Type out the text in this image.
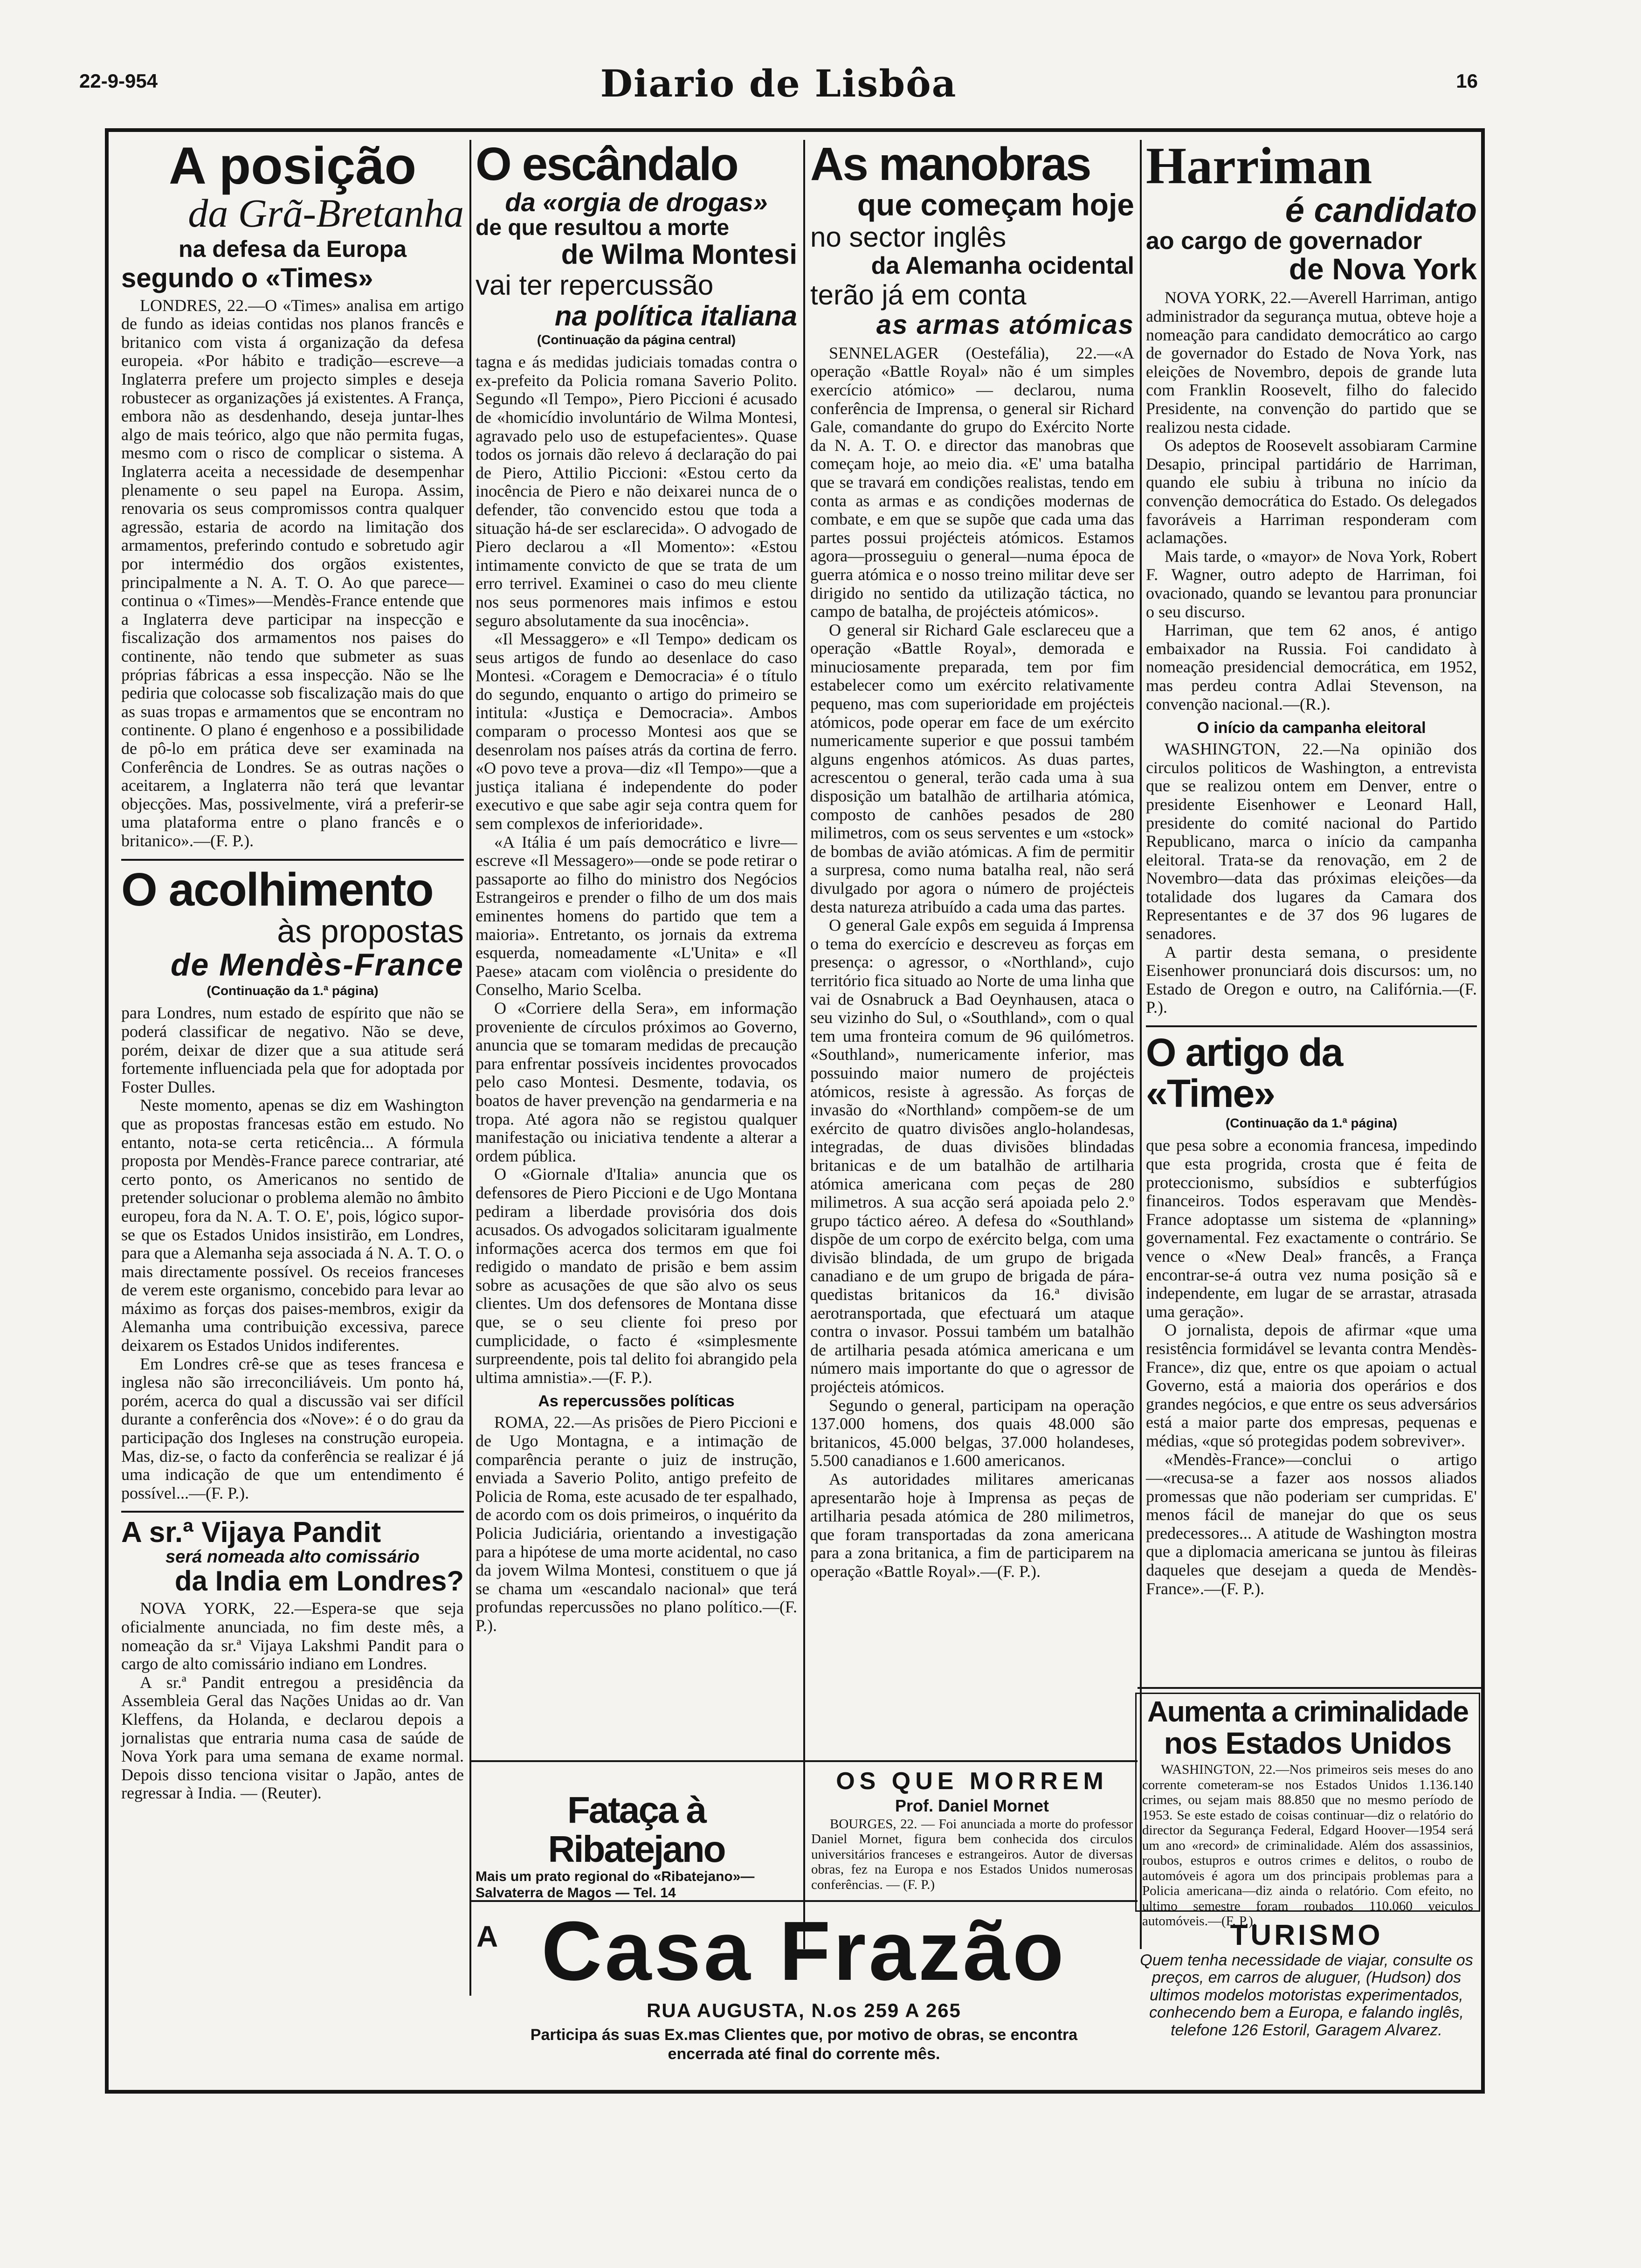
22-9-954	Diario de Lisbôa	16
A posição
da Grã-Bretanha
na defesa da Europa
segundo o «Times»

LONDRES, 22.—O «Times» analisa em artigo de fundo as ideias contidas nos planos francês e britanico com vista á organização da defesa europeia. «Por hábito e tradição—escreve—a Inglaterra prefere um projecto simples e deseja robustecer as organizações já existentes. A França, embora não as desdenhando, deseja juntar-lhes algo de mais teórico, algo que não permita fugas, mesmo com o risco de complicar o sistema. A Inglaterra aceita a necessidade de desempenhar plenamente o seu papel na Europa. Assim, renovaria os seus compromissos contra qualquer agressão, estaria de acordo na limitação dos armamentos, preferindo contudo e sobretudo agir por intermédio dos orgãos existentes, principalmente a N. A. T. O. Ao que parece—continua o «Times»—Mendès-France entende que a Inglaterra deve participar na inspecção e fiscalização dos armamentos nos paises do continente, não tendo que submeter as suas próprias fábricas a essa inspecção. Não se lhe pediria que colocasse sob fiscalização mais do que as suas tropas e armamentos que se encontram no continente. O plano é engenhoso e a possibilidade de pô-lo em prática deve ser examinada na Conferência de Londres. Se as outras nações o aceitarem, a Inglaterra não terá que levantar objecções. Mas, possivelmente, virá a preferir-se uma plataforma entre o plano francês e o britanico».—(F. P.).

O acolhimento
às propostas
de Mendès-France
(Continuação da 1.ª página)

para Londres, num estado de espírito que não se poderá classificar de negativo. Não se deve, porém, deixar de dizer que a sua atitude será fortemente influenciada pela que for adoptada por Foster Dulles.

Neste momento, apenas se diz em Washington que as propostas francesas estão em estudo. No entanto, nota-se certa reticência... A fórmula proposta por Mendès-France parece contrariar, até certo ponto, os Americanos no sentido de pretender solucionar o problema alemão no âmbito europeu, fora da N. A. T. O. E', pois, lógico supor-se que os Estados Unidos insistirão, em Londres, para que a Alemanha seja associada á N. A. T. O. o mais directamente possível. Os receios franceses de verem este organismo, concebido para levar ao máximo as forças dos paises-membros, exigir da Alemanha uma contribuição excessiva, parece deixarem os Estados Unidos indiferentes.

Em Londres crê-se que as teses francesa e inglesa não são irreconciliáveis. Um ponto há, porém, acerca do qual a discussão vai ser difícil durante a conferência dos «Nove»: é o do grau da participação dos Ingleses na construção europeia. Mas, diz-se, o facto da conferência se realizar é já uma indicação de que um entendimento é possível...—(F. P.).

A sr.ª Vijaya Pandit
será nomeada alto comissário
da India em Londres?

NOVA YORK, 22.—Espera-se que seja oficialmente anunciada, no fim deste mês, a nomeação da sr.ª Vijaya Lakshmi Pandit para o cargo de alto comissário indiano em Londres.

A sr.ª Pandit entregou a presidência da Assembleia Geral das Nações Unidas ao dr. Van Kleffens, da Holanda, e declarou depois a jornalistas que entraria numa casa de saúde de Nova York para uma semana de exame normal. Depois disso tenciona visitar o Japão, antes de regressar à India. — (Reuter).

O escândalo
da «orgia de drogas»
de que resultou a morte
de Wilma Montesi
vai ter repercussão
na política italiana
(Continuação da página central)

tagna e ás medidas judiciais tomadas contra o ex-prefeito da Policia romana Saverio Polito. Segundo «Il Tempo», Piero Piccioni é acusado de «homicídio involuntário de Wilma Montesi, agravado pelo uso de estupefacientes». Quase todos os jornais dão relevo á declaração do pai de Piero, Attilio Piccioni: «Estou certo da inocência de Piero e não deixarei nunca de o defender, tão convencido estou que toda a situação há-de ser esclarecida». O advogado de Piero declarou a «Il Momento»: «Estou intimamente convicto de que se trata de um erro terrivel. Examinei o caso do meu cliente nos seus pormenores mais infimos e estou seguro absolutamente da sua inocência».

«Il Messaggero» e «Il Tempo» dedicam os seus artigos de fundo ao desenlace do caso Montesi. «Coragem e Democracia» é o título do segundo, enquanto o artigo do primeiro se intitula: «Justiça e Democracia». Ambos comparam o processo Montesi aos que se desenrolam nos países atrás da cortina de ferro. «O povo teve a prova—diz «Il Tempo»—que a justiça italiana é independente do poder executivo e que sabe agir seja contra quem for sem complexos de inferioridade».

«A Itália é um país democrático e livre—escreve «Il Messagero»—onde se pode retirar o passaporte ao filho do ministro dos Negócios Estrangeiros e prender o filho de um dos mais eminentes homens do partido que tem a maioria». Entretanto, os jornais da extrema esquerda, nomeadamente «L'Unita» e «Il Paese» atacam com violência o presidente do Conselho, Mario Scelba.

O «Corriere della Sera», em informação proveniente de círculos próximos ao Governo, anuncia que se tomaram medidas de precaução para enfrentar possíveis incidentes provocados pelo caso Montesi. Desmente, todavia, os boatos de haver prevenção na gendarmeria e na tropa. Até agora não se registou qualquer manifestação ou iniciativa tendente a alterar a ordem pública.

O «Giornale d'Italia» anuncia que os defensores de Piero Piccioni e de Ugo Montana pediram a liberdade provisória dos dois acusados. Os advogados solicitaram igualmente informações acerca dos termos em que foi redigido o mandato de prisão e bem assim sobre as acusações de que são alvo os seus clientes. Um dos defensores de Montana disse que, se o seu cliente foi preso por cumplicidade, o facto é «simplesmente surpreendente, pois tal delito foi abrangido pela ultima amnistia».—(F. P.).

As repercussões políticas

ROMA, 22.—As prisões de Piero Piccioni e de Ugo Montagna, e a intimação de comparência perante o juiz de instrução, enviada a Saverio Polito, antigo prefeito de Policia de Roma, este acusado de ter espalhado, de acordo com os dois primeiros, o inquérito da Policia Judiciária, orientando a investigação para a hipótese de uma morte acidental, no caso da jovem Wilma Montesi, constituem o que já se chama um «escandalo nacional» que terá profundas repercussões no plano político.—(F. P.).

As manobras
que começam hoje
no sector inglês
da Alemanha ocidental
terão já em conta
as armas atómicas

SENNELAGER (Oestefália), 22.—«A operação «Battle Royal» não é um simples exercício atómico» — declarou, numa conferência de Imprensa, o general sir Richard Gale, comandante do grupo do Exército Norte da N. A. T. O. e director das manobras que começam hoje, ao meio dia. «E' uma batalha que se travará em condições realistas, tendo em conta as armas e as condições modernas de combate, e em que se supõe que cada uma das partes possui projécteis atómicos. Estamos agora—prosseguiu o general—numa época de guerra atómica e o nosso treino militar deve ser dirigido no sentido da utilização táctica, no campo de batalha, de projécteis atómicos».

O general sir Richard Gale esclareceu que a operação «Battle Royal», demorada e minuciosamente preparada, tem por fim estabelecer como um exército relativamente pequeno, mas com superioridade em projécteis atómicos, pode operar em face de um exército numericamente superior e que possui também alguns engenhos atómicos. As duas partes, acrescentou o general, terão cada uma à sua disposição um batalhão de artilharia atómica, composto de canhões pesados de 280 milimetros, com os seus serventes e um «stock» de bombas de avião atómicas. A fim de permitir a surpresa, como numa batalha real, não será divulgado por agora o número de projécteis desta natureza atribuído a cada uma das partes.

O general Gale expôs em seguida á Imprensa o tema do exercício e descreveu as forças em presença: o agressor, o «Northland», cujo território fica situado ao Norte de uma linha que vai de Osnabruck a Bad Oeynhausen, ataca o seu vizinho do Sul, o «Southland», com o qual tem uma fronteira comum de 96 quilómetros. «Southland», numericamente inferior, mas possuindo maior numero de projécteis atómicos, resiste à agressão. As forças de invasão do «Northland» compõem-se de um exército de quatro divisões anglo-holandesas, integradas, de duas divisões blindadas britanicas e de um batalhão de artilharia atómica americana com peças de 280 milimetros. A sua acção será apoiada pelo 2.º grupo táctico aéreo. A defesa do «Southland» dispõe de um corpo de exército belga, com uma divisão blindada, de um grupo de brigada canadiano e de um grupo de brigada de pára-quedistas britanicos da 16.ª divisão aerotransportada, que efectuará um ataque contra o invasor. Possui também um batalhão de artilharia pesada atómica americana e um número mais importante do que o agressor de projécteis atómicos.

Segundo o general, participam na operação 137.000 homens, dos quais 48.000 são britanicos, 45.000 belgas, 37.000 holandeses, 5.500 canadianos e 1.600 americanos.

As autoridades militares americanas apresentarão hoje à Imprensa as peças de artilharia pesada atómica de 280 milimetros, que foram transportadas da zona americana para a zona britanica, a fim de participarem na operação «Battle Royal».—(F. P.).

Harriman
é candidato
ao cargo de governador
de Nova York

NOVA YORK, 22.—Averell Harriman, antigo administrador da segurança mutua, obteve hoje a nomeação para candidato democrático ao cargo de governador do Estado de Nova York, nas eleições de Novembro, depois de grande luta com Franklin Roosevelt, filho do falecido Presidente, na convenção do partido que se realizou nesta cidade.

Os adeptos de Roosevelt assobiaram Carmine Desapio, principal partidário de Harriman, quando ele subiu à tribuna no início da convenção democrática do Estado. Os delegados favoráveis a Harriman responderam com aclamações.

Mais tarde, o «mayor» de Nova York, Robert F. Wagner, outro adepto de Harriman, foi ovacionado, quando se levantou para pronunciar o seu discurso.

Harriman, que tem 62 anos, é antigo embaixador na Russia. Foi candidato à nomeação presidencial democrática, em 1952, mas perdeu contra Adlai Stevenson, na convenção nacional.—(R.).

O início da campanha eleitoral

WASHINGTON, 22.—Na opinião dos circulos politicos de Washington, a entrevista que se realizou ontem em Denver, entre o presidente Eisenhower e Leonard Hall, presidente do comité nacional do Partido Republicano, marca o início da campanha eleitoral. Trata-se da renovação, em 2 de Novembro—data das próximas eleições—da totalidade dos lugares da Camara dos Representantes e de 37 dos 96 lugares de senadores.

A partir desta semana, o presidente Eisenhower pronunciará dois discursos: um, no Estado de Oregon e outro, na Califórnia.—(F. P.).

O artigo da «Time»
(Continuação da 1.ª página)

que pesa sobre a economia francesa, impedindo que esta progrida, crosta que é feita de proteccionismo, subsídios e subterfúgios financeiros. Todos esperavam que Mendès-France adoptasse um sistema de «planning» governamental. Fez exactamente o contrário. Se vence o «New Deal» francês, a França encontrar-se-á outra vez numa posição sã e independente, em lugar de se arrastar, atrasada uma geração».

O jornalista, depois de afirmar «que uma resistência formidável se levanta contra Mendès-France», diz que, entre os que apoiam o actual Governo, está a maioria dos operários e dos grandes negócios, e que entre os seus adversários está a maior parte dos empresas, pequenas e médias, «que só protegidas podem sobreviver».

«Mendès-France»—conclui o artigo—«recusa-se a fazer aos nossos aliados promessas que não poderiam ser cumpridas. E' menos fácil de manejar do que os seus predecessores... A atitude de Washington mostra que a diplomacia americana se juntou às fileiras daqueles que desejam a queda de Mendès-France».—(F. P.).

Aumenta a criminalidade
nos Estados Unidos

WASHINGTON, 22.—Nos primeiros seis meses do ano corrente cometeram-se nos Estados Unidos 1.136.140 crimes, ou sejam mais 88.850 que no mesmo período de 1953. Se este estado de coisas continuar—diz o relatório do director da Segurança Federal, Edgard Hoover—1954 será um ano «record» de criminalidade. Além dos assassinios, roubos, estupros e outros crimes e delitos, o roubo de automóveis é agora um dos principais problemas para a Policia americana—diz ainda o relatório. Com efeito, no ultimo semestre foram roubados 110.060 veiculos automóveis.—(F. P.).

TURISMO

Quem tenha necessidade de viajar, consulte os preços, em carros de aluguer, (Hudson) dos ultimos modelos motoristas experimentados, conhecendo bem a Europa, e falando inglês, telefone 126 Estoril, Garagem Alvarez.

OS QUE MORREM
Prof. Daniel Mornet

BOURGES, 22. — Foi anunciada a morte do professor Daniel Mornet, figura bem conhecida dos circulos universitários franceses e estrangeiros. Autor de diversas obras, fez na Europa e nos Estados Unidos numerosas conferências. — (F. P.)

Fataça à Ribatejano
Mais um prato regional do «Ribatejano»—Salvaterra de Magos — Tel. 14
A Casa Frazão
RUA AUGUSTA, N.os 259 A 265
Participa ás suas Ex.mas Clientes que, por motivo de obras, se encontra encerrada até final do corrente mês.
